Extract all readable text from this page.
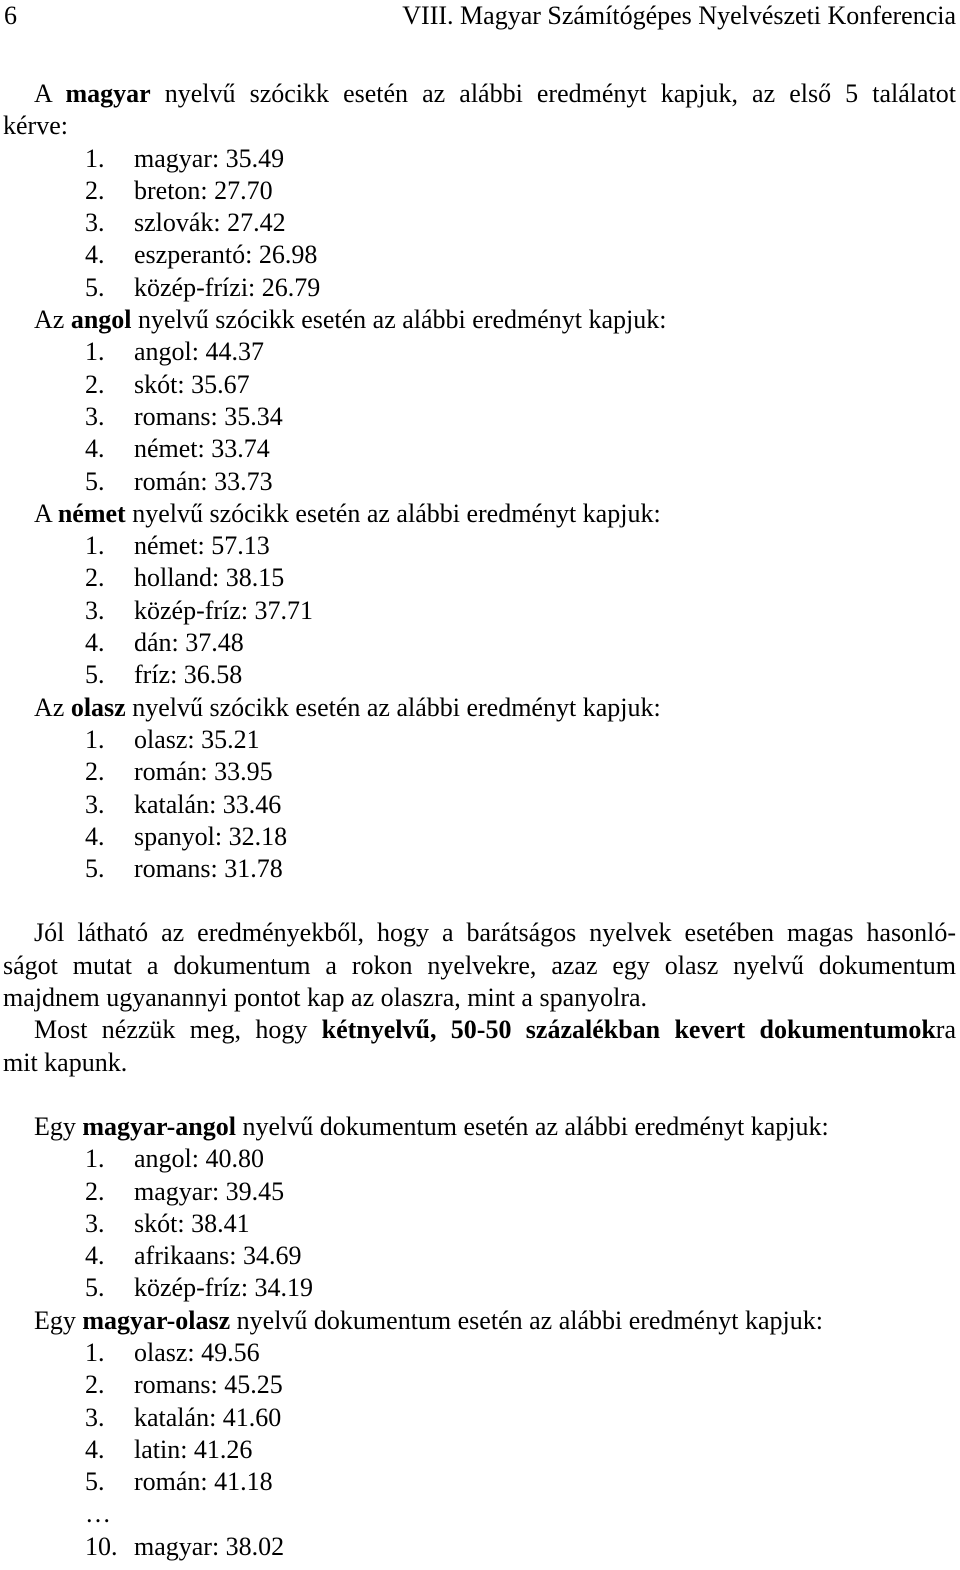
6	VIII. Magyar Számítógépes Nyelvészeti Konferencia
A magyar nyelvű szócikk esetén az alábbi eredményt kapjuk, az első 5 találatot
kérve:
1.	magyar: 35.49
2.	breton: 27.70
3.	szlovák: 27.42
4.	eszperantó: 26.98
5.	közép-frízi: 26.79
Az angol nyelvű szócikk esetén az alábbi eredményt kapjuk:
1.	angol: 44.37
2.	skót: 35.67
3.	romans: 35.34
4.	német: 33.74
5.	román: 33.73
A német nyelvű szócikk esetén az alábbi eredményt kapjuk:
1.	német: 57.13
2.	holland: 38.15
3.	közép-fríz: 37.71
4.	dán: 37.48
5.	fríz: 36.58
Az olasz nyelvű szócikk esetén az alábbi eredményt kapjuk:
1.	olasz: 35.21
2.	román: 33.95
3.	katalán: 33.46
4.	spanyol: 32.18
5.	romans: 31.78
Jól látható az eredményekből, hogy a barátságos nyelvek esetében magas hasonló-
ságot mutat a dokumentum a rokon nyelvekre, azaz egy olasz nyelvű dokumentum
majdnem ugyanannyi pontot kap az olaszra, mint a spanyolra.
Most nézzük meg, hogy kétnyelvű, 50-50 százalékban kevert dokumentumokra
mit kapunk.
Egy magyar-angol nyelvű dokumentum esetén az alábbi eredményt kapjuk:
1.	angol: 40.80
2.	magyar: 39.45
3.	skót: 38.41
4.	afrikaans: 34.69
5.	közép-fríz: 34.19
Egy magyar-olasz nyelvű dokumentum esetén az alábbi eredményt kapjuk:
1.	olasz: 49.56
2.	romans: 45.25
3.	katalán: 41.60
4.	latin: 41.26
5.	román: 41.18
…
10. magyar: 38.02
